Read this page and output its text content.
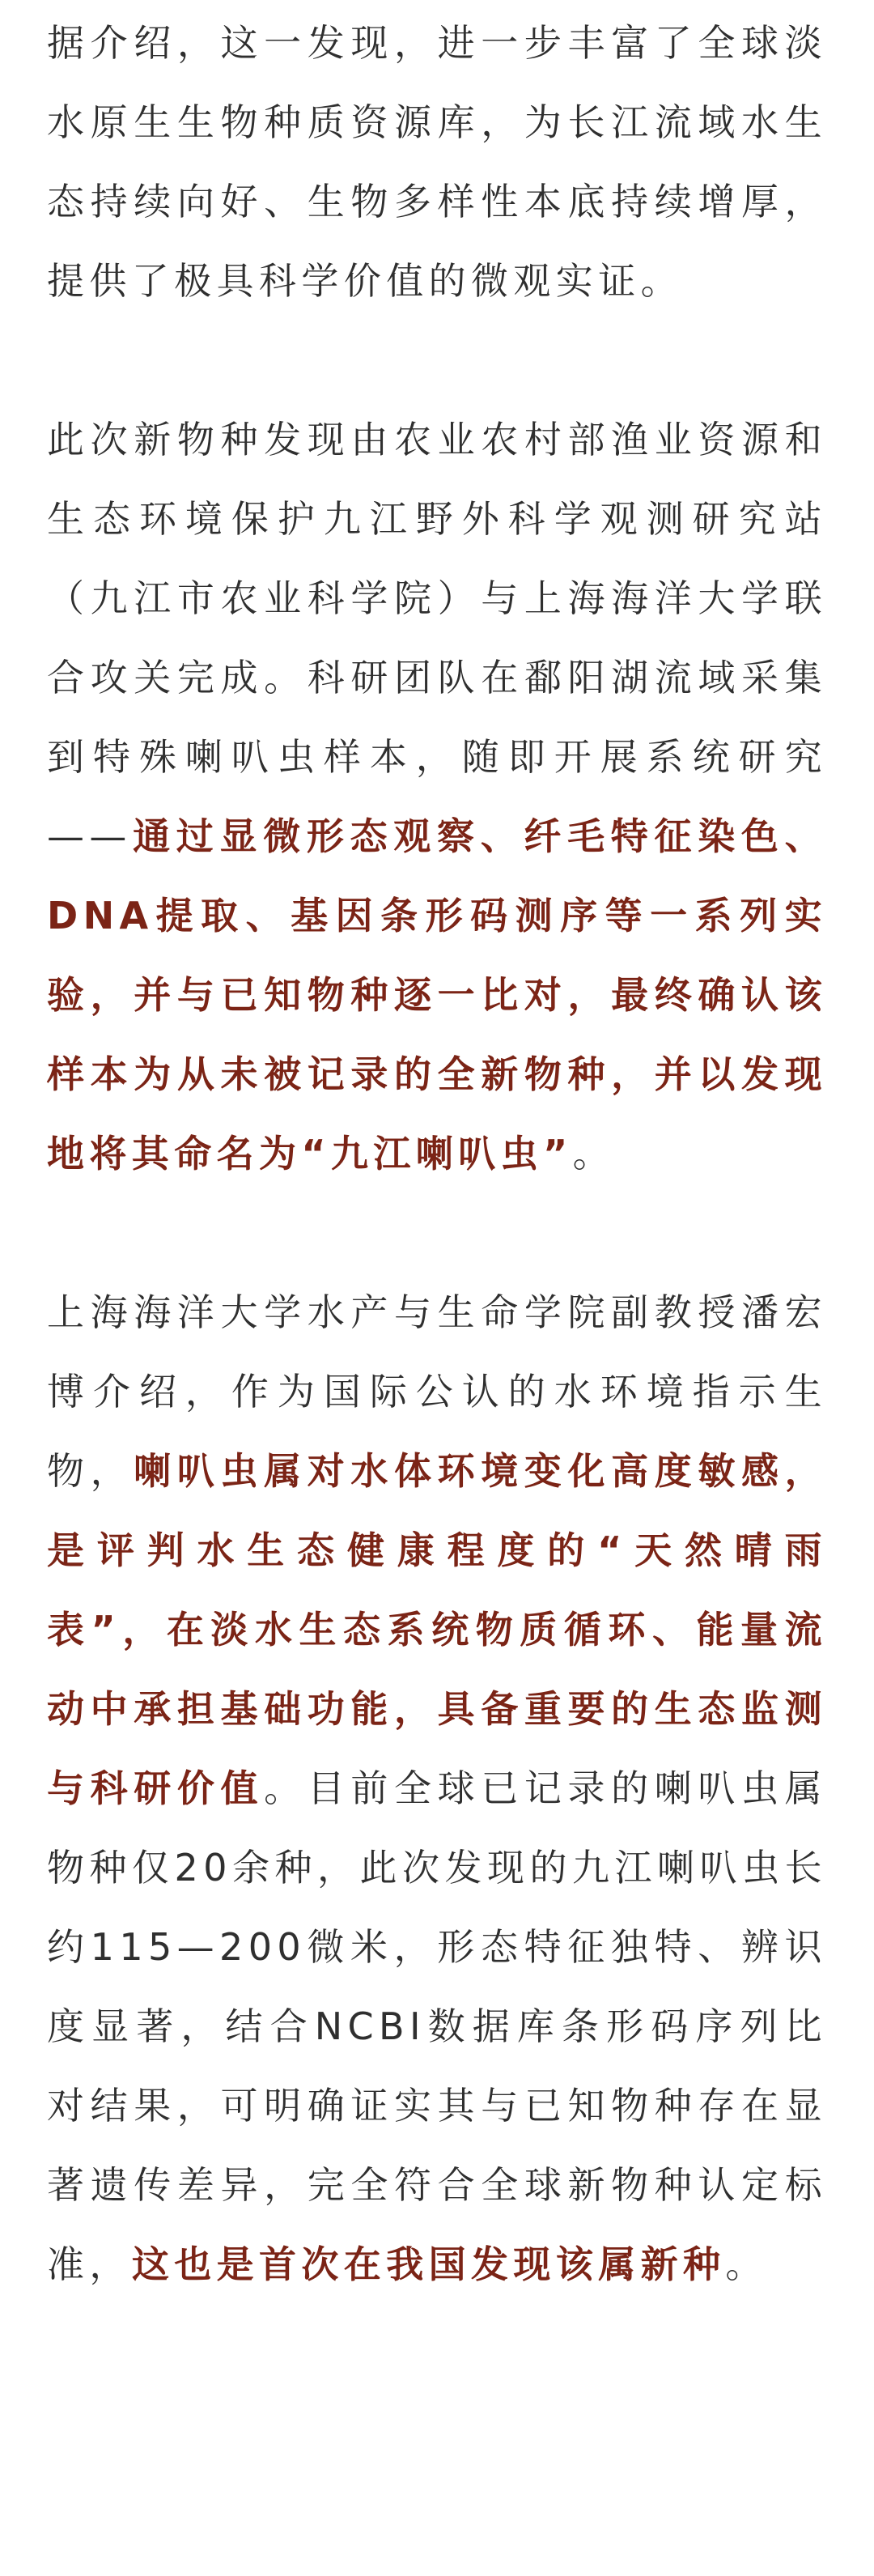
据介绍，这一发现，进一步丰富了全球淡水原生生物种质资源库，为长江流域水生态持续向好、生物多样性本底持续增厚，提供了极具科学价值的微观实证。

此次新物种发现由农业农村部渔业资源和生态环境保护九江野外科学观测研究站（九江市农业科学院）与上海海洋大学联合攻关完成。科研团队在鄱阳湖流域采集到特殊喇叭虫样本，随即开展系统研究——通过显微形态观察、纤毛特征染色、DNA提取、基因条形码测序等一系列实验，并与已知物种逐一比对，最终确认该样本为从未被记录的全新物种，并以发现地将其命名为“九江喇叭虫”。

上海海洋大学水产与生命学院副教授潘宏博介绍，作为国际公认的水环境指示生物，喇叭虫属对水体环境变化高度敏感，是评判水生态健康程度的“天然晴雨表”，在淡水生态系统物质循环、能量流动中承担基础功能，具备重要的生态监测与科研价值。目前全球已记录的喇叭虫属物种仅20余种，此次发现的九江喇叭虫长约115—200微米，形态特征独特、辨识度显著，结合NCBI数据库条形码序列比对结果，可明确证实其与已知物种存在显著遗传差异，完全符合全球新物种认定标准，这也是首次在我国发现该属新种。
